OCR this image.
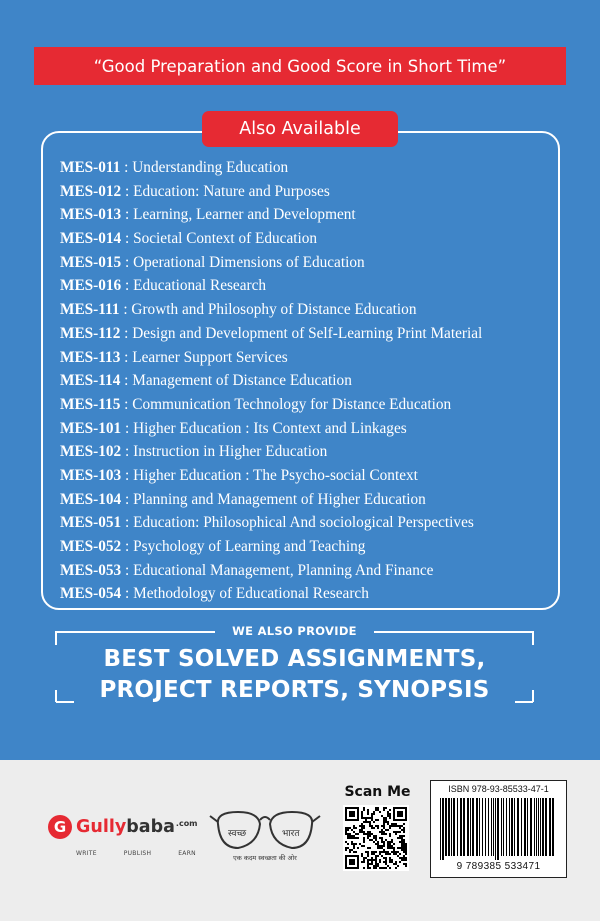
“Good Preparation and Good Score in Short Time”
Also Available
MES-011 : Understanding Education
MES-012 : Education: Nature and Purposes
MES-013 : Learning, Learner and Development
MES-014 : Societal Context of Education
MES-015 : Operational Dimensions of Education
MES-016 : Educational Research
MES-111 : Growth and Philosophy of Distance Education
MES-112 : Design and Development of Self-Learning Print Material
MES-113 : Learner Support Services
MES-114 : Management of Distance Education
MES-115 : Communication Technology for Distance Education
MES-101 : Higher Education : Its Context and Linkages
MES-102 : Instruction in Higher Education
MES-103 : Higher Education : The Psycho-social Context
MES-104 : Planning and Management of Higher Education
MES-051 : Education: Philosophical And sociological Perspectives
MES-052 : Psychology of Learning and Teaching
MES-053 : Educational Management, Planning And Finance
MES-054 : Methodology of Educational Research
WE ALSO PROVIDE
BEST SOLVED ASSIGNMENTS,
PROJECT REPORTS, SYNOPSIS
G Gullybaba$^{.com}$
WRITE	PUBLISH	EARN
स्वच्छ	भारत
एक कदम स्वच्छता की ओर
Scan Me	ISBN 978-93-85533-47-1
9 789385 533471
